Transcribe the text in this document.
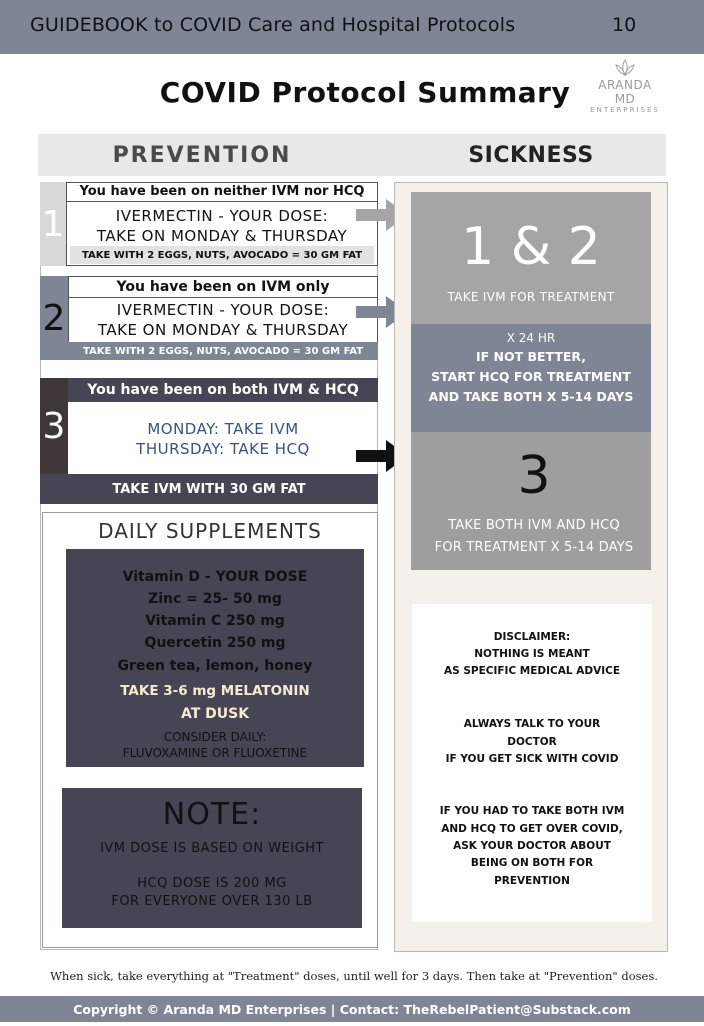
GUIDEBOOK to COVID Care and Hospital Protocols	10
COVID Protocol Summary	ARANDA MD
ENTERPRISES
PREVENTION	SICKNESS
1
You have been on neither IVM nor HCQ
IVERMECTIN - YOUR DOSE:
TAKE ON MONDAY & THURSDAY
TAKE WITH 2 EGGS, NUTS, AVOCADO = 30 GM FAT
2
You have been on IVM only
IVERMECTIN - YOUR DOSE:
TAKE ON MONDAY & THURSDAY
TAKE WITH 2 EGGS, NUTS, AVOCADO = 30 GM FAT
3
You have been on both IVM & HCQ
MONDAY: TAKE IVM
THURSDAY: TAKE HCQ
TAKE IVM WITH 30 GM FAT
DAILY SUPPLEMENTS
Vitamin D - YOUR DOSE
Zinc = 25- 50 mg
Vitamin C 250 mg
Quercetin 250 mg
Green tea, lemon, honey
TAKE 3-6 mg MELATONIN
AT DUSK
CONSIDER DAILY:
FLUVOXAMINE OR FLUOXETINE
NOTE:
IVM DOSE IS BASED ON WEIGHT
HCQ DOSE IS 200 MG
FOR EVERYONE OVER 130 LB
1 & 2
TAKE IVM FOR TREATMENT
X 24 HR
IF NOT BETTER,
START HCQ FOR TREATMENT
AND TAKE BOTH X 5-14 DAYS
3
TAKE BOTH IVM AND HCQ
FOR TREATMENT X 5-14 DAYS
DISCLAIMER:
NOTHING IS MEANT
AS SPECIFIC MEDICAL ADVICE
ALWAYS TALK TO YOUR
DOCTOR
IF YOU GET SICK WITH COVID
IF YOU HAD TO TAKE BOTH IVM
AND HCQ TO GET OVER COVID,
ASK YOUR DOCTOR ABOUT
BEING ON BOTH FOR
PREVENTION
When sick, take everything at "Treatment" doses, until well for 3 days. Then take at "Prevention" doses.
Copyright © Aranda MD Enterprises | Contact: TheRebelPatient@Substack.com
